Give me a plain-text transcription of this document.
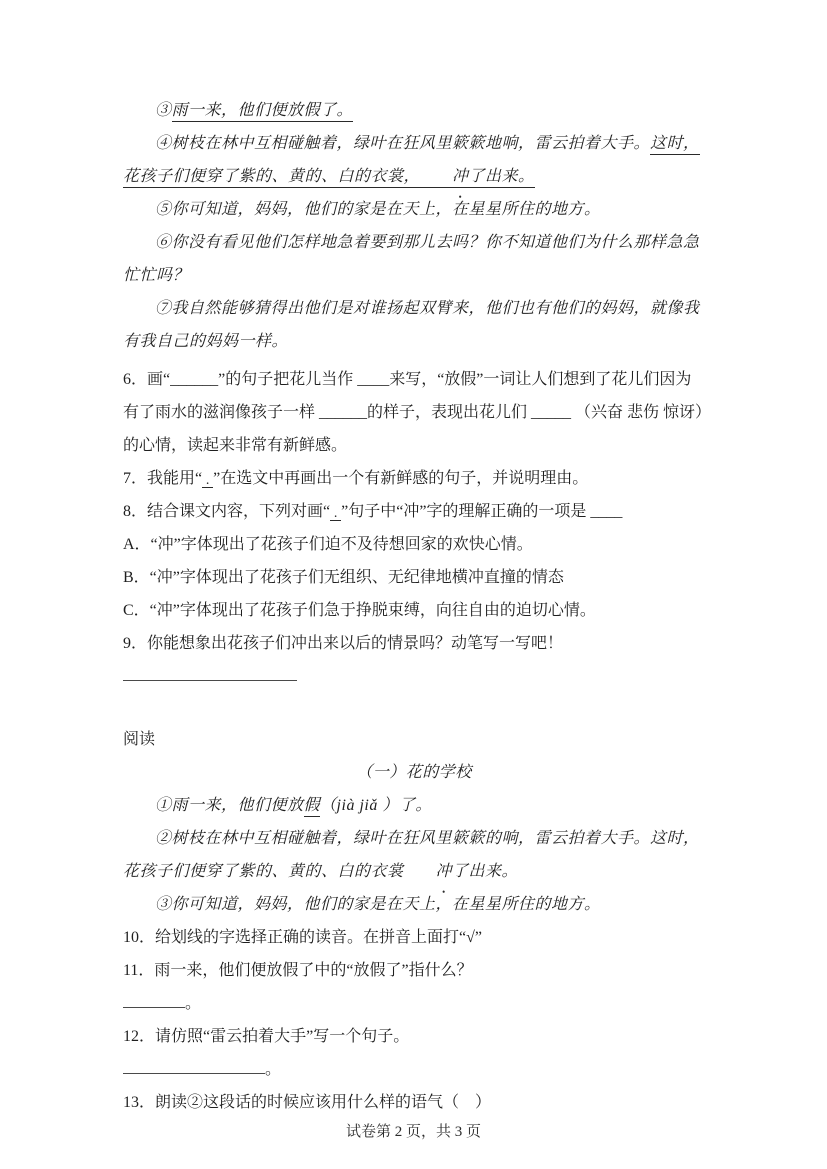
③雨一来，他们便放假了。

④树枝在林中互相碰触着，绿叶在狂风里簌簌地响，雷云拍着大手。这时，花孩子们便穿了紫的、黄的、白的衣裳， 冲了出来。

⑤你可知道，妈妈，他们的家是在天上，在星星所住的地方。

⑥你没有看见他们怎样地急着要到那儿去吗？你不知道他们为什么那样急急忙忙吗？

⑦我自然能够猜得出他们是对谁扬起双臂来，他们也有他们的妈妈，就像我有我自己的妈妈一样。

6．画“______”的句子把花儿当作 ____来写，“放假”一词让人们想到了花儿们因为有了雨水的滋润像孩子一样 ______的样子，表现出花儿们 _____ （兴奋 悲伤 惊讶）的心情，读起来非常有新鲜感。

7．我能用“ . ”在选文中再画出一个有新鲜感的句子，并说明理由。

8．结合课文内容，下列对画“ . ”句子中“冲”字的理解正确的一项是 ____

A．“冲”字体现出了花孩子们迫不及待想回家的欢快心情。

B．“冲”字体现出了花孩子们无组织、无纪律地横冲直撞的情态

C．“冲”字体现出了花孩子们急于挣脱束缚，向往自由的迫切心情。

9．你能想象出花孩子们冲出来以后的情景吗？动笔写一写吧！

阅读

（一）花的学校

①雨一来，他们便放假（jià jiǎ ）了。

②树枝在林中互相碰触着，绿叶在狂风里簌簌的响，雷云拍着大手。这时，花孩子们便穿了紫的、黄的、白的衣裳 冲了出来。

③你可知道，妈妈，他们的家是在天上，在星星所住的地方。

10．给划线的字选择正确的读音。在拼音上面打“√”

11．雨一来，他们便放假了中的“放假了”指什么？

。

12．请仿照“雷云拍着大手”写一个句子。

。

13．朗读②这段话的时候应该用什么样的语气（　）

试卷第 2 页，共 3 页
